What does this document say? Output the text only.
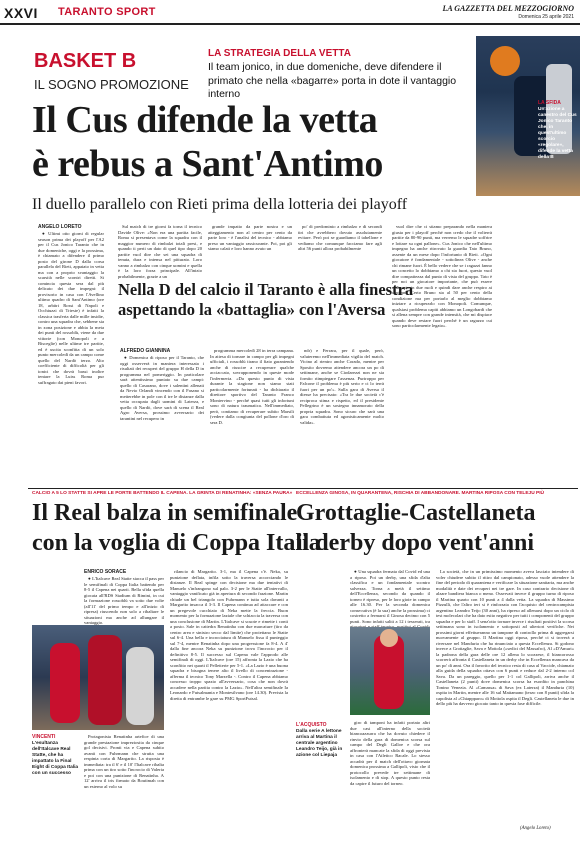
XXVI TARANTO SPORT	LA GAZZETTA DEL MEZZOGIORNO
Domenica 25 aprile 2021
BASKET B
IL SOGNO PROMOZIONE
LA STRATEGIA DELLA VETTA
Il team jonico, in due domeniche, deve difendere il primato che nella «bagarre» porta in dote il vantaggio interno
LA SFIDA
Un'azione a canestro del Cus Jonico Taranto che, in quest'ultimo scorcio «regolare», difende la vetta della B
Il Cus difende la vetta
è rebus a Sant'Antimo
Il duello parallelo con Rieti prima della lotteria dei playoff
ANGELO LORETO

● Ultimi otto giorni di regular season prima dei playoff per l'A2 per il Cus Jonico Taranto che in due domeniche, oggi e la prossima, è chiamato a difendere il primo posto del girone D dalla corsa parallela del Rieti, appaiato in vetta ma con a proprio svantaggio la scarsità nelle scontri diretti. Si comincia questa sera dal più delicato dei due impegni: il provisorio in casa con l'Avellino ultimo quadro di Sant'Antimo (ore 18, arbitri Rossi di Napoli e Occhiuzzi di Trieste) è infatti la classica trasferta dalle mille insidie, contro una squadra che, sebbene sia in zona posizione e abbia la meta dei punti del rossoblù, viene da due vittorie (con Monopoli e a Bisceglie) nelle ultime tre partite, ed è uscita sconfitta di un solo punto mercoledì da un campo come quello del Nardò terzo. Alto coefficiente di difficoltà per gli ionici che dovrà bassi inoltre tentare la Luiss Roma pur suffragato dai pieni favori.

Sul match di tre giorni fa torna il tecnico Davide Olive: «Non era una partita facile, Roma si presentava come la squadra con il maggior numero di rimbalzi totali presi, e quando ti perti un dato di quel tipo dopo 20 partite vuol dire che sei una squadra di tenuta, dura e intensa nel pitturato. Loro vanno a rimbalzo con cinque uomini e quella è la loro forza principale. All'inizio probabilmente, grazie a un

grande impatto da parte nostra e un atteggiamento non al centro per cento da parte loro - è l'analisi del tecnico - abbiamo preso un vantaggio rassicurante. Poi, poi gli siamo calati e loro hanno avuto un

po' di predominio a rimbalzo e di secondi tiri che avrebbero dovuto assolutamente evitare. Però poi se guardiamo il tabellone e vediamo che comunque facciamo fare agli altri 56 punti allora probabilmente

vuol dire che ci stiamo preparando nella maniera giusta per i playoff perché non credo che il volterrà partite da 80-90 punti, ma verremo le squadre soffrire e lottare su ogni pallone». Cus Jonico che nell'ultimo impegno ha anche ritrovato la guardia Tato Bruno, assente da un mese dopo l'infortunio di Rieti. «Ogni giocatore è fondamentale - sottolinea Olive - anche chi rimane fuori. È bello vedere che se i ragazzi fanno un concetto lo dobbiamo a chi sta fuori, questo vuol dire compattezza dal punto di vista del gruppo. Tato è per noi un giocatore importante, che può essere utilizzato in due ruoli e quindi dare anche respiro ai capitani. Certo Bruno sta al 50 per cento della condizione ma per portarlo al meglio dobbiamo iniziare a ricuperarlo con Monopoli. Comunque, qualsiasi problema capiti abbiamo un Longobardi che si allena sempre con grande intensità, che mi dispiace quando deve restare fuori perché è un ragazzo cui sono particolarmente legato».

Nella D del calcio il Taranto è alla finestra
aspettando la «battaglia» con l'Aversa
ALFREDO GIANNINA

● Domenica di riposo per il Taranto, che oggi osserverà in maniera interessata i risultati dei recuperi del gruppo H della D in programma nel pomeriggio. In particolare sarà attentissimo puntato su due campi: quello di Casarano, dove i salentini allenati da Nevio Orlandi vincendo con il Fasano si metterebbe in pole con il tre le distanze dalla vetta occupata dagli uomini di Laterza, e quello di Nardò, dove sarà di scena il Real Agro Aversa, prossimo avversario dei tarantini nel recupero in

programma mercoledì 28 in terra campana. In attesa di tornare in campo per gli impegni ufficiali, i rossoblù tirano il fiato garantendo anche di riuscire a recuperare qualche acciaccato, sovrapponendo in queste mode l'infermeria. «Da questo punto di vista durante la stagione non siamo stati particolarmente fortunati - ha dichiarato il direttore sportivo del Taranto Franco Montervino - perché quasi tutti gli infortuni sono di natura traumatica. Nell'immediato, però, contiamo di recuperare subito Marsili (vedere dalla congiunta del pollone d'oro di sera D.

ndr) e Ferrara, per il quale, però, valuteremo nell'immediata vigilia del match. Vicino al rientro anche Corado, mentre per Sposito dovremo attendere ancora un po di settimane, anche se Ciodarezzi non ne sia fornito riimpiegare l'assenza. Purtroppo per Falcone il problema è più serio e ci lo terrà fuori per un po'». Sulla gara di Aversa il diesse ha precisato: «Tra le due società c'è reciproca stima e rispetto, ed il presidente Pellegrino è un sostegno innamorato della propria squadra. Sono sicuro che sarà una gara combattuta ed agonisticamente molto valida».

CALCIO A 5 LO STATTE SI APRE LE PORTE BATTENDO IL CAPENA. LA GRINTA DI RENATINHA: «SENZA PAURA»
Il Real balza in semifinale
con la voglia di Coppa Italia
ENRICO SORACE

● L'Italcave Real Statte stacca il pass per le semifinali di Coppa Italia battendo per 8-5 il Capena nei quarti. Bella sfida quella giocata all'RDS Stadium di Rimini, in cui la formazione rossoblù va sotto due volte (all'11' del primo tempo e all'inizio di ripresa) riuscendo non solo a ribaltare le situazioni ma anche ad allungare il vantaggio.

VINCENTI
L'esultanza dell'Italcave Real Statte, che ha impattato la Final Eight di Coppa Italia con un successo

Protagonista Renatinha artefice di una grande prestazione impreziosita da cinque gol decisivi. Pronti via e Capena subito avanti con Fuhrmann che strutta una respinta corta di Margarito. La risposta è immediata: tra il 6' e il 10' l'Italcave ribalta prima con un tiro sotto l'incrocio di Valeria e poi con una punizione di Renatinha. A 12' arriva il tris firmato da Boutimah con un esterno al volo su

rilancio di Margarito. 3-1, ma il Capena c'è. Neka, su punizione deflata, infila sotto la traversa accorciando le distanze. Il Real spinge con decisione ma due tentativi di Manuelo s'infrangono sul palo. 3-2 per le Statte all'intervallo, vantaggio vanificato già in apertura di secondo frazione. Martin chiude un bel triangolo con Fuhrmann e tutta sola davanti a Margarito insacca il 3-3. Il Capena continua ad attaccare e con un pregevole cucchiaio di Neka mette la freccia. Buon momento per la formazione laziale che schiaccia la traversa con una conclusione di Martin. L'Italcave si scuote e rimette i conti a posto. Sale in cattedra Renatinha con due marcature (tiro da centro area e sinistro secco dal limite) che proiettano le Statte sul 6-4. Una bella e incrociatura di Manuelo fissa il punteggio sul 7-4, mentre Renatinha dopo una progressione fa 8-4. A 4' dalla fine ancora Neka su punizione trova l'incrocio per il definitivo 8-5. Il successo sul Capena vale l'approdo alle semifinali di oggi. L'Italcave (ore 15) affronta la Lazio che ha sconfitto nei quarti il Pelletterie per 5-1. «La Lazio è una buona squadra e bisogna tenere alto il livello di concentrazione - afferma il tecnico Tony Marzella -. Contro il Capena abbiamo concesso troppo spazio all'avversario, cosa che non dovrà accadere nella partita contro la Lazio». Nell'altra semifinale Ia Leonardo e Futsalmania e Montesilvano (ore 14.30). Prevista la diretta di entrambe le gare su PMG SportFutsal.

ECCELLENZA GINOSA, IN QUARANTENA, RISCHIA DI ABBANDONARE. MARTINA RIPOSA CON TELEJU PIÙ
Grottaglie-Castellaneta
il derby dopo vent'anni

● Una squadra fermata dal Covid ed una a riposo. Poi un derby, una sfida d'alta classifica e un fondamentale scontro salvezza. Torna a metà il settimo dell'Eccellenza, secondo da quando il torneo è ripreso, per le loro gioie in campo alle 16.30. Per la seconda domenica consecutiva (è la sua) anche la prossima) ci costretto a fermarsi il Ginosa decimo con 5 punti. Sono infatti saliti a 12 i tesserati, tra

L'ACQUISTO
Dalla serie A lettone arriva al Martina il centrale argentino Leandro Teijo, già in azione col Liepaja

giro di tamponi ha infatti portato altri due casi all'interno della società biancoazzurra che ha dovuto chiedere il rinvio della gara di domenica scorsa sul campo del Degli Galloe e che ora affronterà mancate la sfida di oggi prevista in casa con l'Atletico Racale. Lo stesso accadrà per il match dell'ottavo giornata domenica prossima a Gallipoli, visto che il protocollo prevede tre settimane di isolamento e di stop. A questo punto resta da capire il futuro del torneo.

La società, che in un primissimo momento aveva lasciato intendere di voler chiudere subito il ritiro dal campionato, adesso vuole attendere la fine del periodo di quarantena e verificare la situazione sanitaria, ma anche modalità e date dei recuperi nei tre gare. In caso contrario decisione di alzare bandiera bianca o meno. Osservati invece il gruppo turno di riposo il Martina quarto con 10 punti a 4 dalla vetta. La squadra di Massimo Pizzulli, che l'altro ieri si è rinforzata con l'acquisto del centrocampista argentino Leandro Teijo (30 anni), ha ripreso ad allenarsi dopo un ciclo di test molecolari che ha dato esito negativo per tutti i componenti del gruppo squadra e per lo staff. I senz'otto tornare invece i risultati positivi la scorsa settimana sono in isolamento e sottoposti ad ulteriori verifiche. Nei prossimi giorni effettueranno un tampone di controllo prima di aggregarsi nuovamente al gruppo. Il Martina oggi riposa, perché ci si troverà a riversare nel Manduria che ha rinunciato a questa Eccellenza. Si godono invece a Grottaglie, Sava e Mottola («sedici del Massafro), Al «D'Amuri» la padrona della gara delle ore 12 allena lo scozzese, il biancorosso scorrerà affronta il Castellaneta in un derby che in Eccellenza mancava da un po' di anni. Ora il favorito del tecnico resta di casa al Vaccide, chiamato alla guida della squadra ottava con 6 punti e reduce dal 2-2 interno col Sava. Da un pareggio, quello per 1-1 col Gallipoli, arriva anche il Castellaneta (2 punti) dove domenica scorsa ha esordito in panchina Tonino Venezia. Al «Camassa» di Sava (ex Laterza) il Manduria (10) ospita in Martin, mentre alle 16 sul Mattamano (terzo con 8 punti) sfida la capolista al «Chiappparo» di Mottola ospita il Degli. Castellaneta le due in dello più ha davvero giocato tanto in questa fase difficile.

(Angelo Loreto)
